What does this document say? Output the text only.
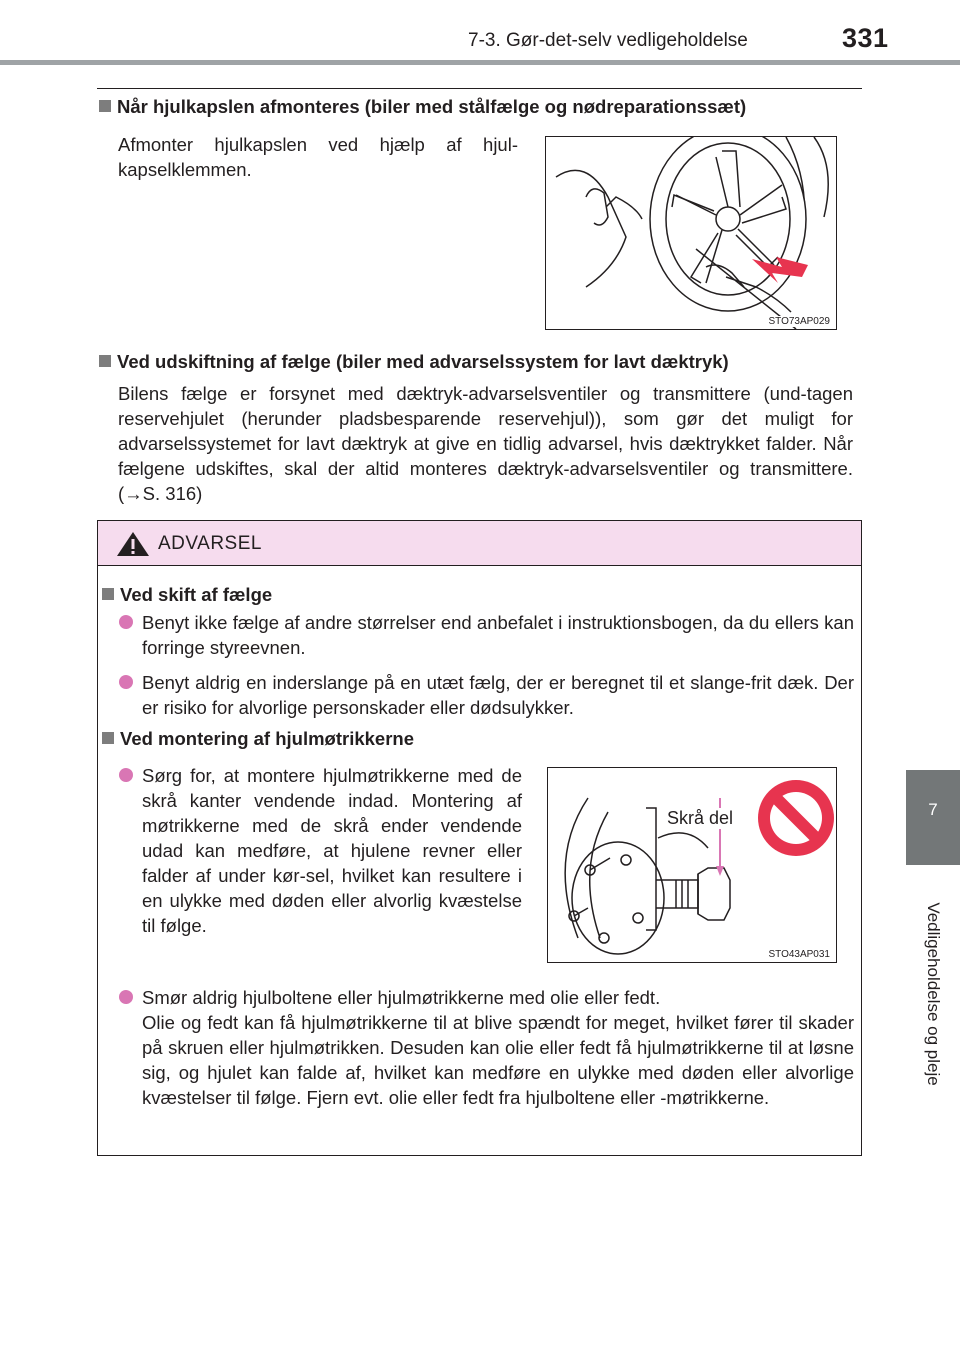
7-3. Gør-det-selv vedligeholdelse	331
7
Vedligeholdelse og pleje
Når hjulkapslen afmonteres (biler med stålfælge og nødreparationssæt)
Afmonter hjulkapslen ved hjælp af hjul-kapselklemmen.
STO73AP029
Ved udskiftning af fælge (biler med advarselssystem for lavt dæktryk)
Bilens fælge er forsynet med dæktryk-advarselsventiler og transmittere (und-tagen reservehjulet (herunder pladsbesparende reservehjul)), som gør det muligt for advarselssystemet for lavt dæktryk at give en tidlig advarsel, hvis dæktrykket falder. Når fælgene udskiftes, skal der altid monteres dæktryk-advarselsventiler og transmittere. (→S. 316)
ADVARSEL
Ved skift af fælge
Benyt ikke fælge af andre størrelser end anbefalet i instruktionsbogen, da du ellers kan forringe styreevnen.
Benyt aldrig en inderslange på en utæt fælg, der er beregnet til et slange-frit dæk. Der er risiko for alvorlige personskader eller dødsulykker.
Ved montering af hjulmøtrikkerne
Sørg for, at montere hjulmøtrikkerne med de skrå kanter vendende indad. Montering af møtrikkerne med de skrå ender vendende udad kan medføre, at hjulene revner eller falder af under kør-sel, hvilket kan resultere i en ulykke med døden eller alvorlig kvæstelse til følge.
Skrå del
STO43AP031
Smør aldrig hjulboltene eller hjulmøtrikkerne med olie eller fedt.
Olie og fedt kan få hjulmøtrikkerne til at blive spændt for meget, hvilket fører til skader på skruen eller hjulmøtrikken. Desuden kan olie eller fedt få hjulmøtrikkerne til at løsne sig, og hjulet kan falde af, hvilket kan medføre en ulykke med døden eller alvorlige kvæstelser til følge. Fjern evt. olie eller fedt fra hjulboltene eller -møtrikkerne.
